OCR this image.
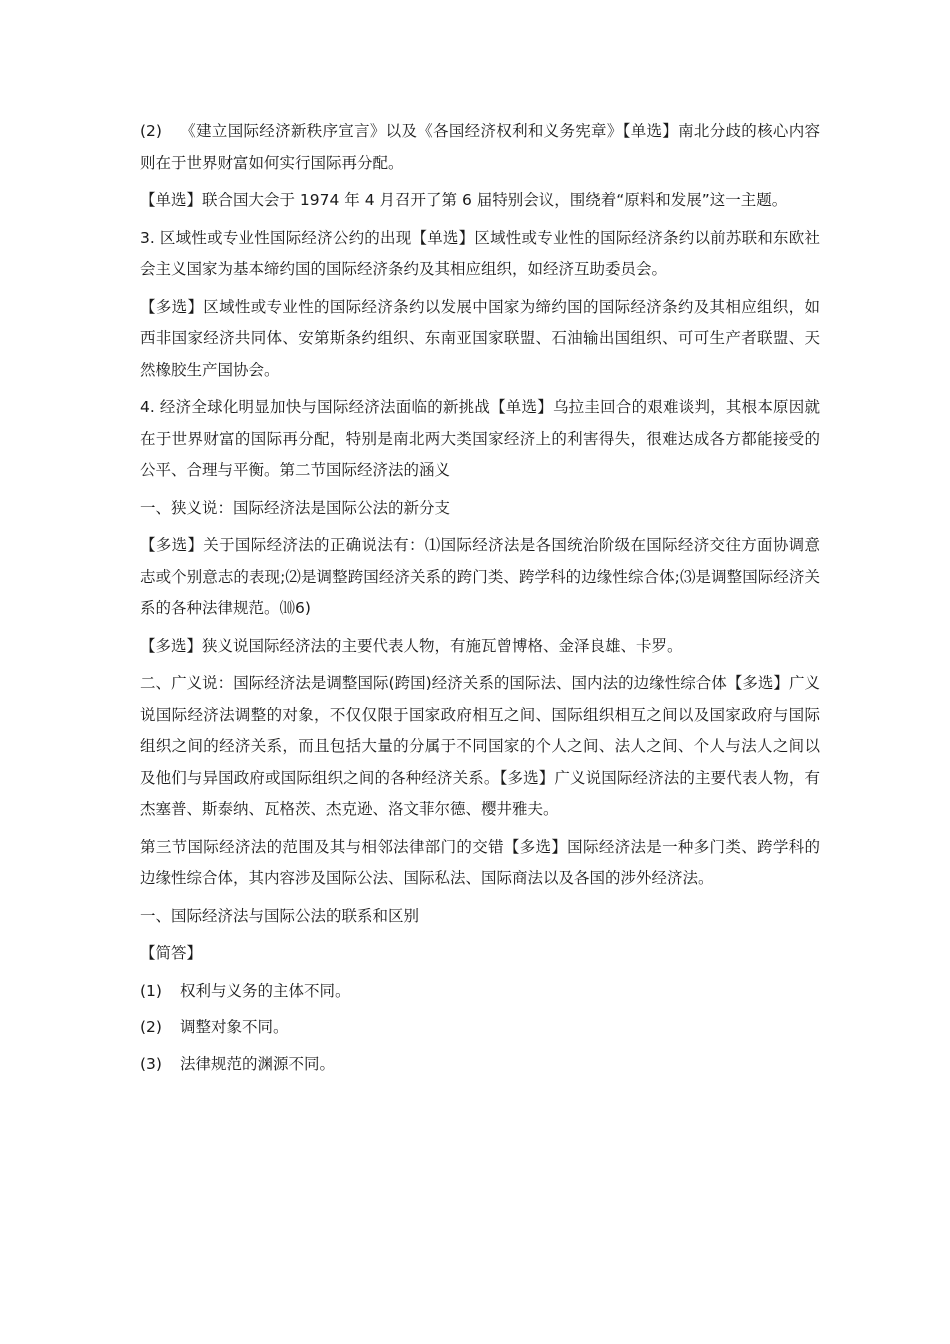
(2) 《建立国际经济新秩序宣言》以及《各国经济权利和义务宪章》【单选】南北分歧的核心内容则在于世界财富如何实行国际再分配。

【单选】联合国大会于 1974 年 4 月召开了第 6 届特别会议，围绕着“原料和发展”这一主题。

3. 区域性或专业性国际经济公约的出现【单选】区域性或专业性的国际经济条约以前苏联和东欧社会主义国家为基本缔约国的国际经济条约及其相应组织，如经济互助委员会。

【多选】区域性或专业性的国际经济条约以发展中国家为缔约国的国际经济条约及其相应组织，如西非国家经济共同体、安第斯条约组织、东南亚国家联盟、石油输出国组织、可可生产者联盟、天然橡胶生产国协会。

4. 经济全球化明显加快与国际经济法面临的新挑战【单选】乌拉圭回合的艰难谈判，其根本原因就在于世界财富的国际再分配，特别是南北两大类国家经济上的利害得失，很难达成各方都能接受的公平、合理与平衡。第二节国际经济法的涵义

一、狭义说：国际经济法是国际公法的新分支

【多选】关于国际经济法的正确说法有：⑴国际经济法是各国统治阶级在国际经济交往方面协调意志或个别意志的表现;⑵是调整跨国经济关系的跨门类、跨学科的边缘性综合体;⑶是调整国际经济关系的各种法律规范。⑽6)

【多选】狭义说国际经济法的主要代表人物，有施瓦曾博格、金泽良雄、卡罗。

二、广义说：国际经济法是调整国际(跨国)经济关系的国际法、国内法的边缘性综合体【多选】广义说国际经济法调整的对象，不仅仅限于国家政府相互之间、国际组织相互之间以及国家政府与国际组织之间的经济关系，而且包括大量的分属于不同国家的个人之间、法人之间、个人与法人之间以及他们与异国政府或国际组织之间的各种经济关系。【多选】广义说国际经济法的主要代表人物，有杰塞普、斯泰纳、瓦格茨、杰克逊、洛文菲尔德、樱井雅夫。

第三节国际经济法的范围及其与相邻法律部门的交错【多选】国际经济法是一种多门类、跨学科的边缘性综合体，其内容涉及国际公法、国际私法、国际商法以及各国的涉外经济法。

一、国际经济法与国际公法的联系和区别

【简答】

(1) 权利与义务的主体不同。
(2) 调整对象不同。
(3) 法律规范的渊源不同。
